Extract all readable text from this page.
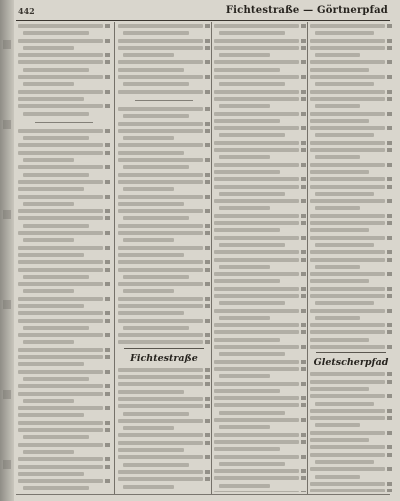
442	Fichtestraße — Görtnerpfad
Fichtestraße	Gletscherpfad
